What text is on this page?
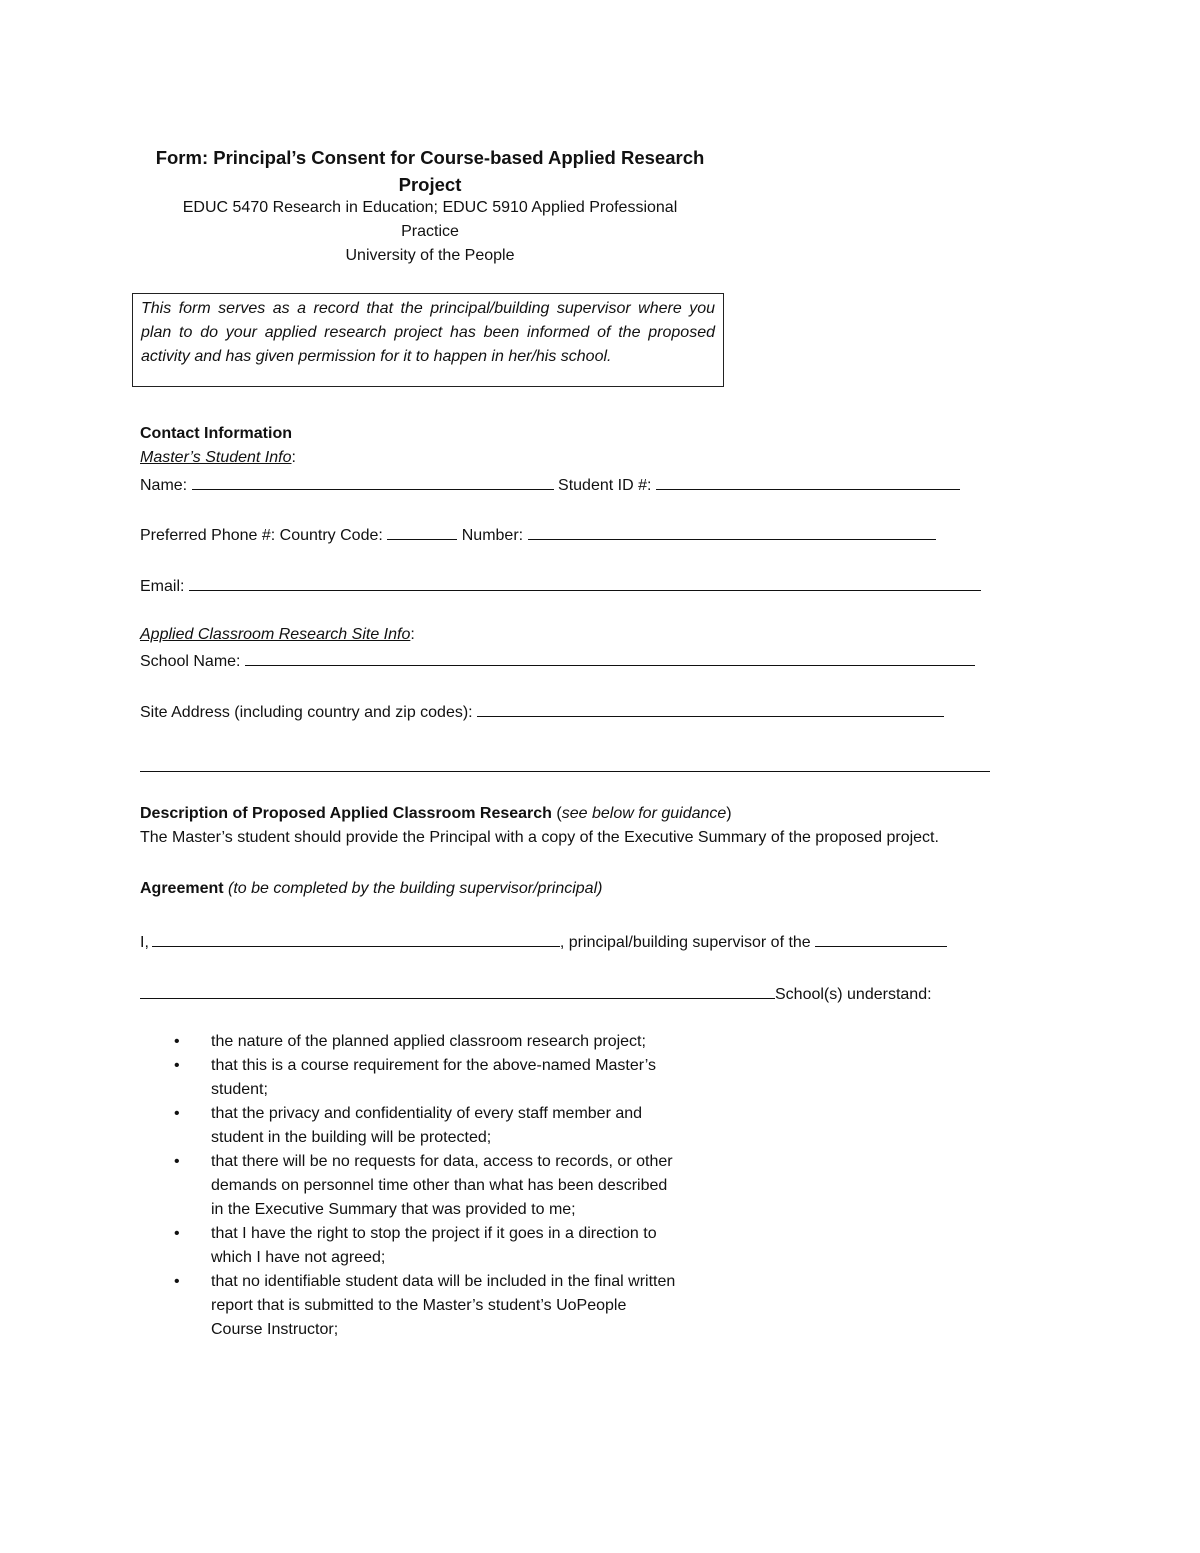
Form: Principal’s Consent for Course-based Applied Research
Project
EDUC 5470 Research in Education; EDUC 5910 Applied Professional
Practice
University of the People
This form serves as a record that the principal/building supervisor where you plan to do your applied research project has been informed of the proposed activity and has given permission for it to happen in her/his school.
Contact Information
Master’s Student Info:
Name:	Student ID #:
Preferred Phone #: Country Code:	Number:
Email:
Applied Classroom Research Site Info:
School Name:
Site Address (including country and zip codes):
Description of Proposed Applied Classroom Research (see below for guidance)
The Master’s student should provide the Principal with a copy of the Executive Summary of the proposed project.
Agreement (to be completed by the building supervisor/principal)
I,	, principal/building supervisor of the
School(s) understand:
• the nature of the planned applied classroom research project;
• that this is a course requirement for the above-named Master’s student;
• that the privacy and confidentiality of every staff member and student in the building will be protected;
• that there will be no requests for data, access to records, or other demands on personnel time other than what has been described in the Executive Summary that was provided to me;
• that I have the right to stop the project if it goes in a direction to which I have not agreed;
• that no identifiable student data will be included in the final written report that is submitted to the Master’s student’s UoPeople Course Instructor;
